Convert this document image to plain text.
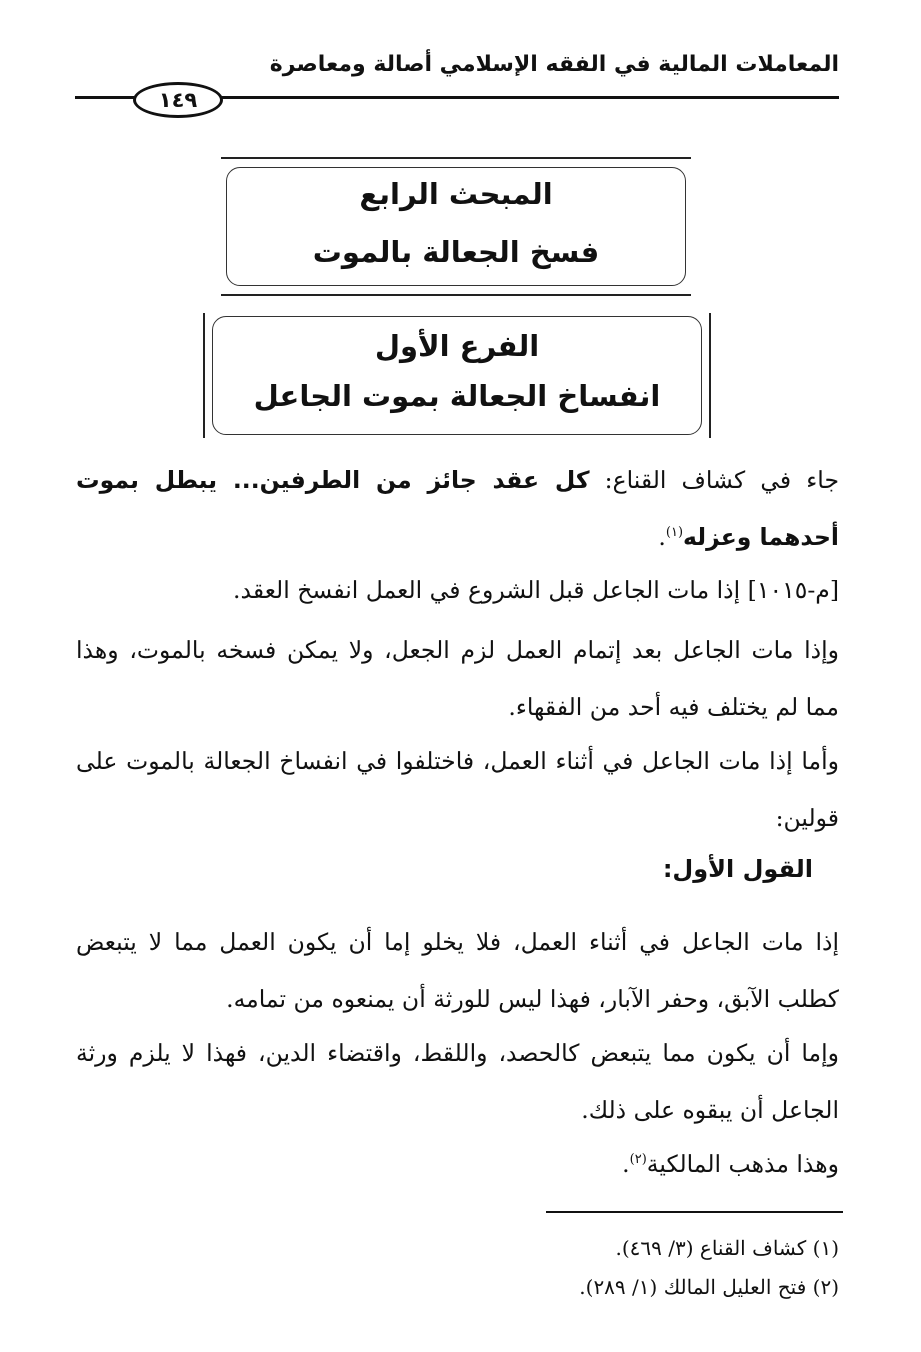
المعاملات المالية في الفقه الإسلامي أصالة ومعاصرة
١٤٩
المبحث الرابع
فسخ الجعالة بالموت
الفرع الأول
انفساخ الجعالة بموت الجاعل
جاء في كشاف القناع: كل عقد جائز من الطرفين... يبطل بموت أحدهما وعزله$^{(١)}$.
[م-١٠١٥] إذا مات الجاعل قبل الشروع في العمل انفسخ العقد.
وإذا مات الجاعل بعد إتمام العمل لزم الجعل، ولا يمكن فسخه بالموت، وهذا مما لم يختلف فيه أحد من الفقهاء.
وأما إذا مات الجاعل في أثناء العمل، فاختلفوا في انفساخ الجعالة بالموت على قولين:
القول الأول:
إذا مات الجاعل في أثناء العمل، فلا يخلو إما أن يكون العمل مما لا يتبعض كطلب الآبق، وحفر الآبار، فهذا ليس للورثة أن يمنعوه من تمامه.
وإما أن يكون مما يتبعض كالحصد، واللقط، واقتضاء الدين، فهذا لا يلزم ورثة الجاعل أن يبقوه على ذلك.
وهذا مذهب المالكية$^{(٢)}$.
(١) كشاف القناع (٣/ ٤٦٩).
(٢) فتح العليل المالك (١/ ٢٨٩).
